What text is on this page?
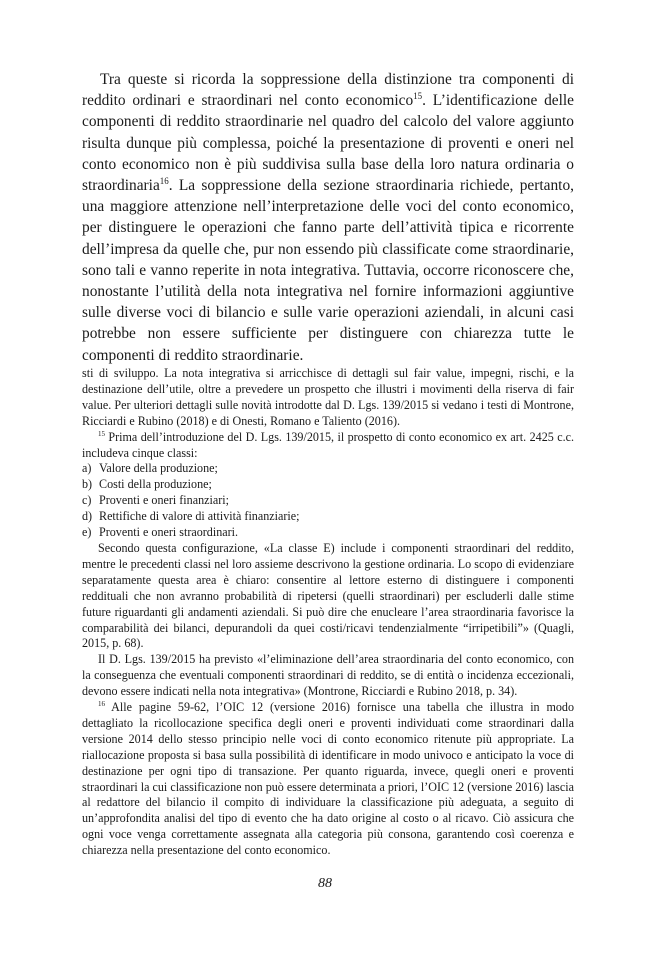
Tra queste si ricorda la soppressione della distinzione tra componenti di reddito ordinari e straordinari nel conto economico$^{15}$. L’identificazione delle componenti di reddito straordinarie nel quadro del calcolo del valore aggiunto risulta dunque più complessa, poiché la presentazione di proventi e oneri nel conto economico non è più suddivisa sulla base della loro natura ordinaria o straordinaria$^{16}$. La soppressione della sezione straordinaria richiede, pertanto, una maggiore attenzione nell’interpretazione delle voci del conto economico, per distinguere le operazioni che fanno parte dell’attività tipica e ricorrente dell’impresa da quelle che, pur non essendo più classificate come straordinarie, sono tali e vanno reperite in nota integrativa. Tuttavia, occorre riconoscere che, nonostante l’utilità della nota integrativa nel fornire informazioni aggiuntive sulle diverse voci di bilancio e sulle varie operazioni aziendali, in alcuni casi potrebbe non essere sufficiente per distinguere con chiarezza tutte le componenti di reddito straordinarie.

sti di sviluppo. La nota integrativa si arricchisce di dettagli sul fair value, impegni, rischi, e la destinazione dell’utile, oltre a prevedere un prospetto che illustri i movimenti della riserva di fair value. Per ulteriori dettagli sulle novità introdotte dal D. Lgs. 139/2015 si vedano i testi di Montrone, Ricciardi e Rubino (2018) e di Onesti, Romano e Taliento (2016).

$^{15}$ Prima dell’introduzione del D. Lgs. 139/2015, il prospetto di conto economico ex art. 2425 c.c. includeva cinque classi:

a) Valore della produzione;
b) Costi della produzione;
c) Proventi e oneri finanziari;
d) Rettifiche di valore di attività finanziarie;
e) Proventi e oneri straordinari.

Secondo questa configurazione, «La classe E) include i componenti straordinari del reddito, mentre le precedenti classi nel loro assieme descrivono la gestione ordinaria. Lo scopo di evidenziare separatamente questa area è chiaro: consentire al lettore esterno di distinguere i componenti reddituali che non avranno probabilità di ripetersi (quelli straordinari) per escluderli dalle stime future riguardanti gli andamenti aziendali. Si può dire che enucleare l’area straordinaria favorisce la comparabilità dei bilanci, depurandoli da quei costi/ricavi tendenzialmente “irripetibili”» (Quagli, 2015, p. 68).

Il D. Lgs. 139/2015 ha previsto «l’eliminazione dell’area straordinaria del conto economico, con la conseguenza che eventuali componenti straordinari di reddito, se di entità o incidenza eccezionali, devono essere indicati nella nota integrativa» (Montrone, Ricciardi e Rubino 2018, p. 34).

$^{16}$ Alle pagine 59-62, l’OIC 12 (versione 2016) fornisce una tabella che illustra in modo dettagliato la ricollocazione specifica degli oneri e proventi individuati come straordinari dalla versione 2014 dello stesso principio nelle voci di conto economico ritenute più appropriate. La riallocazione proposta si basa sulla possibilità di identificare in modo univoco e anticipato la voce di destinazione per ogni tipo di transazione. Per quanto riguarda, invece, quegli oneri e proventi straordinari la cui classificazione non può essere determinata a priori, l’OIC 12 (versione 2016) lascia al redattore del bilancio il compito di individuare la classificazione più adeguata, a seguito di un’approfondita analisi del tipo di evento che ha dato origine al costo o al ricavo. Ciò assicura che ogni voce venga correttamente assegnata alla categoria più consona, garantendo così coerenza e chiarezza nella presentazione del conto economico.

88
